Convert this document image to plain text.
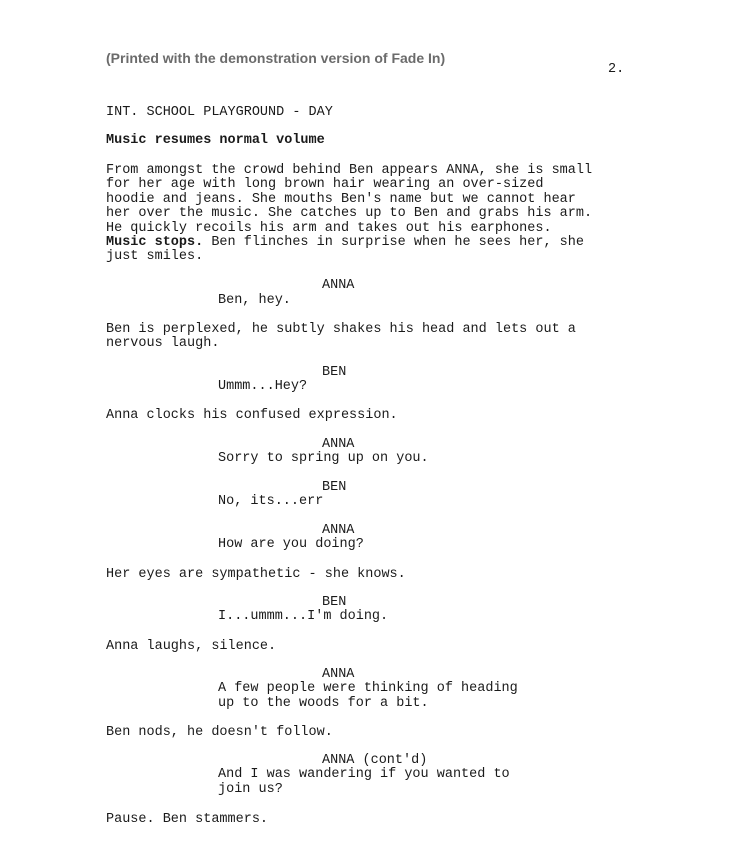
(Printed with the demonstration version of Fade In)
2.
INT. SCHOOL PLAYGROUND - DAY
Music resumes normal volume
From amongst the crowd behind Ben appears ANNA, she is small
for her age with long brown hair wearing an over-sized
hoodie and jeans. She mouths Ben's name but we cannot hear
her over the music. She catches up to Ben and grabs his arm.
He quickly recoils his arm and takes out his earphones.
Music stops. Ben flinches in surprise when he sees her, she
just smiles.
ANNA
Ben, hey.
Ben is perplexed, he subtly shakes his head and lets out a
nervous laugh.
BEN
Ummm...Hey?
Anna clocks his confused expression.
ANNA
Sorry to spring up on you.
BEN
No, its...err
ANNA
How are you doing?
Her eyes are sympathetic - she knows.
BEN
I...ummm...I'm doing.
Anna laughs, silence.
ANNA
A few people were thinking of heading
up to the woods for a bit.
Ben nods, he doesn't follow.
ANNA (cont'd)
And I was wandering if you wanted to
join us?
Pause. Ben stammers.
